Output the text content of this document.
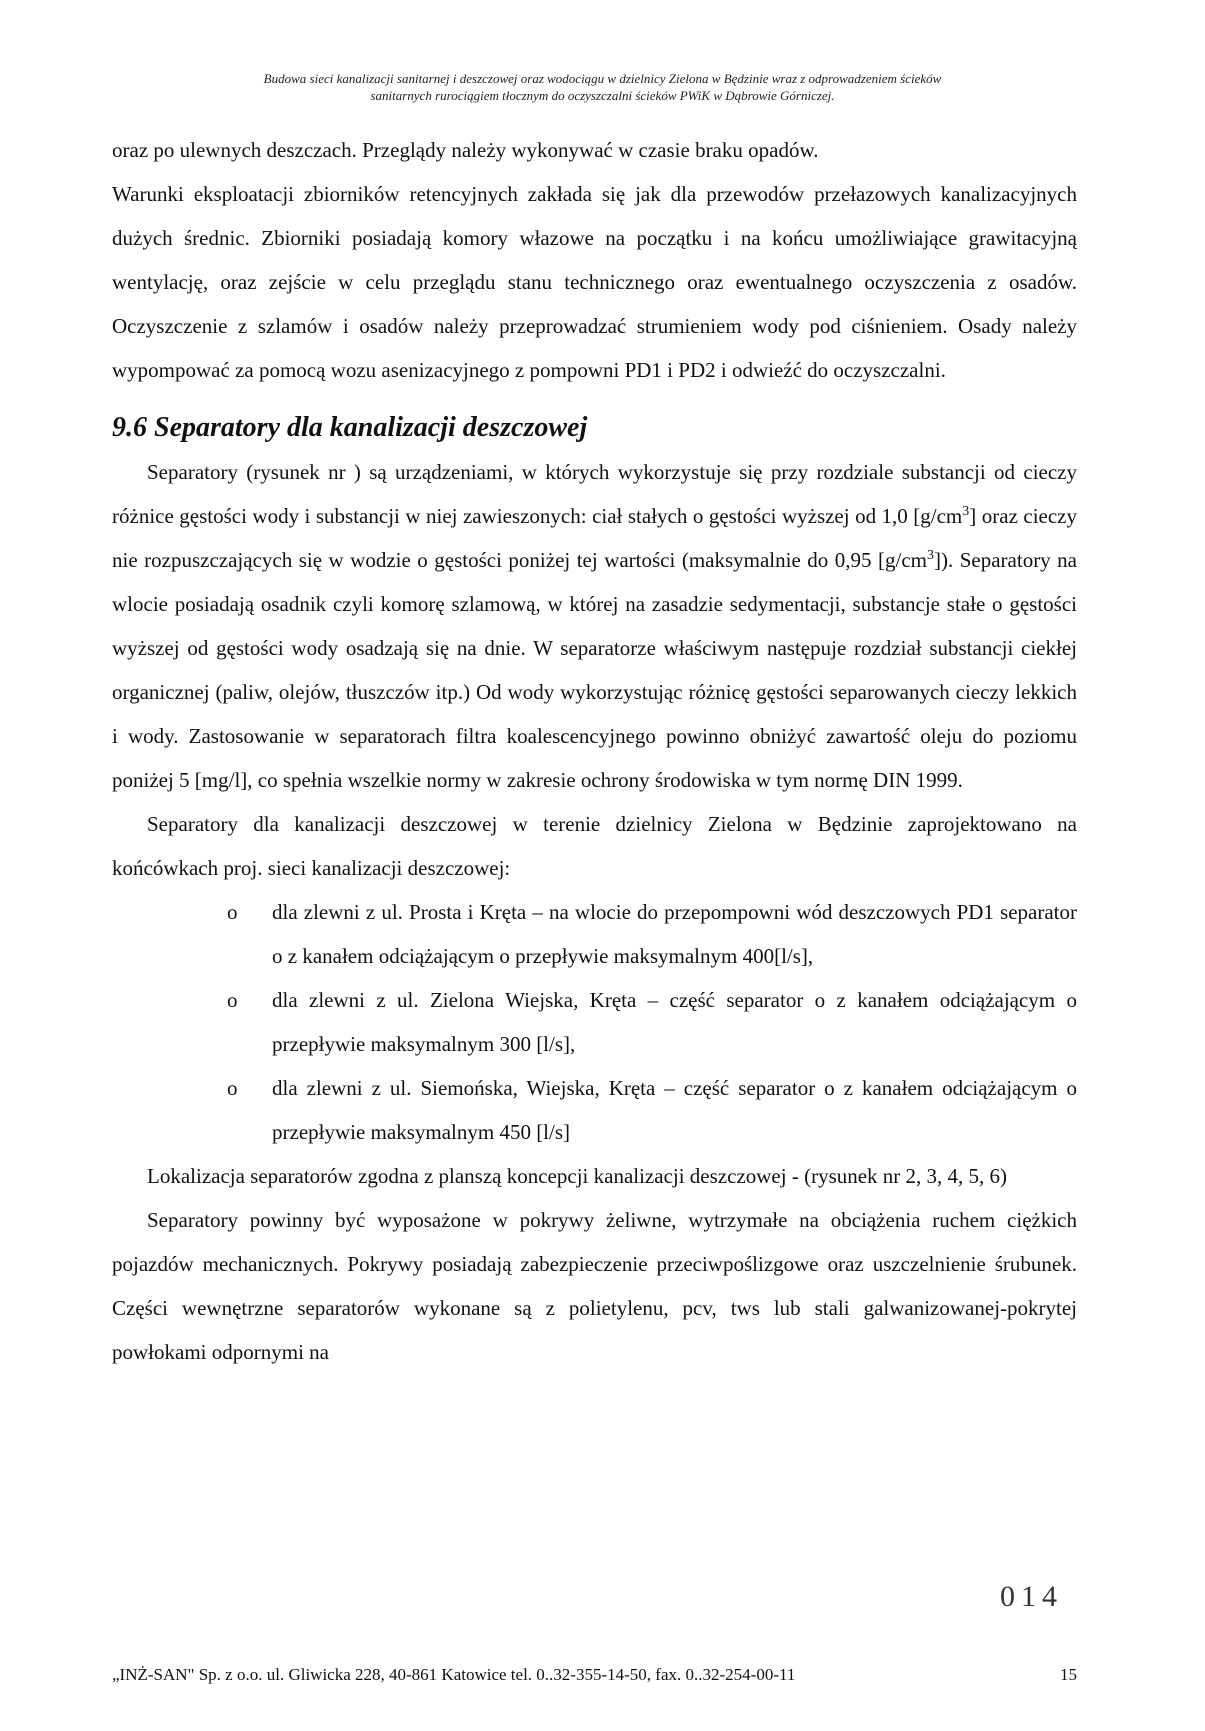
Budowa sieci kanalizacji sanitarnej i deszczowej oraz wodociągu w dzielnicy Zielona w Będzinie wraz z odprowadzeniem ścieków
sanitarnych rurociągiem tłocznym do oczyszczalni ścieków PWiK w Dąbrowie Górniczej.

oraz po ulewnych deszczach. Przeglądy należy wykonywać w czasie braku opadów.

Warunki eksploatacji zbiorników retencyjnych zakłada się jak dla przewodów przełazowych kanalizacyjnych dużych średnic. Zbiorniki posiadają komory włazowe na początku i na końcu umożliwiające grawitacyjną wentylację, oraz zejście w celu przeglądu stanu technicznego oraz ewentualnego oczyszczenia z osadów. Oczyszczenie z szlamów i osadów należy przeprowadzać strumieniem wody pod ciśnieniem. Osady należy wypompować za pomocą wozu asenizacyjnego z pompowni PD1 i PD2 i odwieźć do oczyszczalni.

9.6 Separatory dla kanalizacji deszczowej

Separatory (rysunek nr ) są urządzeniami, w których wykorzystuje się przy rozdziale substancji od cieczy różnice gęstości wody i substancji w niej zawieszonych: ciał stałych o gęstości wyższej od 1,0 $[g/cm^3]$ oraz cieczy nie rozpuszczających się w wodzie o gęstości poniżej tej wartości (maksymalnie do 0,95 $[g/cm^3]$). Separatory na wlocie posiadają osadnik czyli komorę szlamową, w której na zasadzie sedymentacji, substancje stałe o gęstości wyższej od gęstości wody osadzają się na dnie. W separatorze właściwym następuje rozdział substancji ciekłej organicznej (paliw, olejów, tłuszczów itp.) Od wody wykorzystując różnicę gęstości separowanych cieczy lekkich i wody. Zastosowanie w separatorach filtra koalescencyjnego powinno obniżyć zawartość oleju do poziomu poniżej 5 [mg/l], co spełnia wszelkie normy w zakresie ochrony środowiska w tym normę DIN 1999.

Separatory dla kanalizacji deszczowej w terenie dzielnicy Zielona w Będzinie zaprojektowano na końcówkach proj. sieci kanalizacji deszczowej:

o dla zlewni z ul. Prosta i Kręta – na wlocie do przepompowni wód deszczowych PD1 separator o z kanałem odciążającym o przepływie maksymalnym 400[l/s],
o dla zlewni z ul. Zielona Wiejska, Kręta – część separator o z kanałem odciążającym o przepływie maksymalnym 300 [l/s],
o dla zlewni z ul. Siemońska, Wiejska, Kręta – część separator o z kanałem odciążającym o przepływie maksymalnym 450 [l/s]

Lokalizacja separatorów zgodna z planszą koncepcji kanalizacji deszczowej - (rysunek nr 2, 3, 4, 5, 6)

Separatory powinny być wyposażone w pokrywy żeliwne, wytrzymałe na obciążenia ruchem ciężkich pojazdów mechanicznych. Pokrywy posiadają zabezpieczenie przeciwpoślizgowe oraz uszczelnienie śrubunek. Części wewnętrzne separatorów wykonane są z polietylenu, pcv, tws lub stali galwanizowanej-pokrytej powłokami odpornymi na

014
„INŻ-SAN" Sp. z o.o. ul. Gliwicka 228, 40-861 Katowice tel. 0..32-355-14-50, fax. 0..32-254-00-11	15
